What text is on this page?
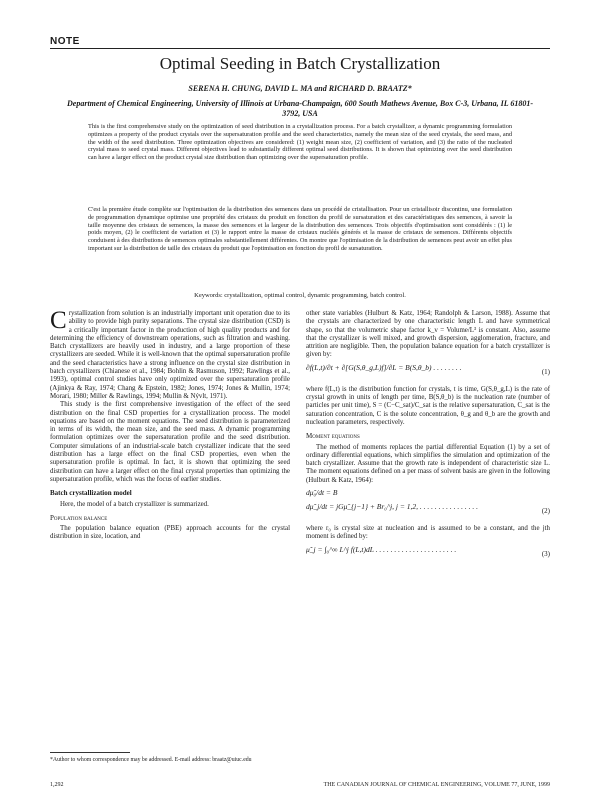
NOTE
Optimal Seeding in Batch Crystallization
SERENA H. CHUNG, DAVID L. MA and RICHARD D. BRAATZ*
Department of Chemical Engineering, University of Illinois at Urbana-Champaign, 600 South Mathews Avenue, Box C-3, Urbana, IL 61801-3792, USA
This is the first comprehensive study on the optimization of seed distribution in a crystallization process. For a batch crystallizer, a dynamic programming formulation optimizes a property of the product crystals over the supersaturation profile and the seed characteristics, namely the mean size of the seed crystals, the seed mass, and the width of the seed distribution. Three optimization objectives are considered: (1) weight mean size, (2) coefficient of variation, and (3) the ratio of the nucleated crystal mass to seed crystal mass. Different objectives lead to substantially different optimal seed distributions. It is shown that optimizing over the seed distribution can have a larger effect on the product crystal size distribution than optimizing over the supersaturation profile.
C'est la première étude complète sur l'optimisation de la distribution des semences dans un procédé de cristallisation. Pour un cristallisoir discontinu, une formulation de programmation dynamique optimise une propriété des cristaux du produit en fonction du profil de sursaturation et des caractéristiques des semences, à savoir la taille moyenne des cristaux de semences, la masse des semences et la largeur de la distribution des semences. Trois objectifs d'optimisation sont considérés : (1) le poids moyen, (2) le coefficient de variation et (3) le rapport entre la masse de cristaux nucléés générés et la masse de cristaux de semences. Différents objectifs conduisent à des distributions de semences optimales substantiellement différentes. On montre que l'optimisation de la distribution de semences peut avoir un effet plus important sur la distribution de taille des cristaux du produit que l'optimisation en fonction du profil de sursaturation.
Keywords: crystallization, optimal control, dynamic programming, batch control.

Crystallization from solution is an industrially important unit operation due to its ability to provide high purity separations. The crystal size distribution (CSD) is a critically important factor in the production of high quality products and for determining the efficiency of downstream operations, such as filtration and washing. Batch crystallizers are heavily used in industry, and a large proportion of these crystallizers are seeded. While it is well-known that the optimal supersaturation profile and the seed characteristics have a strong influence on the crystal size distribution in batch crystallizers (Chianese et al., 1984; Bohlin & Rasmuson, 1992; Rawlings et al., 1993), optimal control studies have only optimized over the supersaturation profile (Ajinkya & Ray, 1974; Chang & Epstein, 1982; Jones, 1974; Jones & Mullin, 1974; Morari, 1980; Miller & Rawlings, 1994; Mullin & Nývlt, 1971).

This study is the first comprehensive investigation of the effect of the seed distribution on the final CSD properties for a crystallization process. The model equations are based on the moment equations. The seed distribution is parameterized in terms of its width, the mean size, and the seed mass. A dynamic programming formulation optimizes over the supersaturation profile and the seed distribution. Computer simulations of an industrial-scale batch crystallizer indicate that the seed distribution has a large effect on the final CSD properties, even when the supersaturation profile is optimal. In fact, it is shown that optimizing the seed distribution can have a larger effect on the final crystal properties than optimizing the supersaturation profile, which was the focus of earlier studies.

Batch crystallization model

Here, the model of a batch crystallizer is summarized.

Population balance

The population balance equation (PBE) approach accounts for the crystal distribution in size, location, and

other state variables (Hulburt & Katz, 1964; Randolph & Larson, 1988). Assume that the crystals are characterized by one characteristic length L and have symmetrical shape, so that the volumetric shape factor k_v = Volume/L³ is constant. Also, assume that the crystallizer is well mixed, and growth dispersion, agglomeration, fracture, and attrition are negligible. Then, the population balance equation for a batch crystallizer is given by:

∂f(L,t)/∂t + ∂[G(S,θ_g,L)f]/∂L = B(S,θ_b) . . . . . . . .	(1)

where f(L,t) is the distribution function for crystals, t is time, G(S,θ_g,L) is the rate of crystal growth in units of length per time, B(S,θ_b) is the nucleation rate (number of particles per unit time), S = (C−C_sat)/C_sat is the relative supersaturation, C_sat is the saturation concentration, C is the solute concentration, θ_g and θ_b are the growth and nucleation parameters, respectively.

Moment equations

The method of moments replaces the partial differential Equation (1) by a set of ordinary differential equations, which simplifies the simulation and optimization of the batch crystallizer. Assume that the growth rate is independent of characteristic size L. The moment equations defined on a per mass of solvent basis are given in the following (Hulburt & Katz, 1964):

dμ̃₀/dt = B
dμ̃_j/dt = jGμ̃_{j−1} + Br₀^j, j = 1,2, . . . . . . . . . . . . . . . .	(2)

where r₀ is crystal size at nucleation and is assumed to be a constant, and the jth moment is defined by:

μ̃_j = ∫₀^∞ L^j f(L,t)dL . . . . . . . . . . . . . . . . . . . . . .	(3)
*Author to whom correspondence may be addressed. E-mail address: braatz@uiuc.edu
1,292	THE CANADIAN JOURNAL OF CHEMICAL ENGINEERING, VOLUME 77, JUNE, 1999
